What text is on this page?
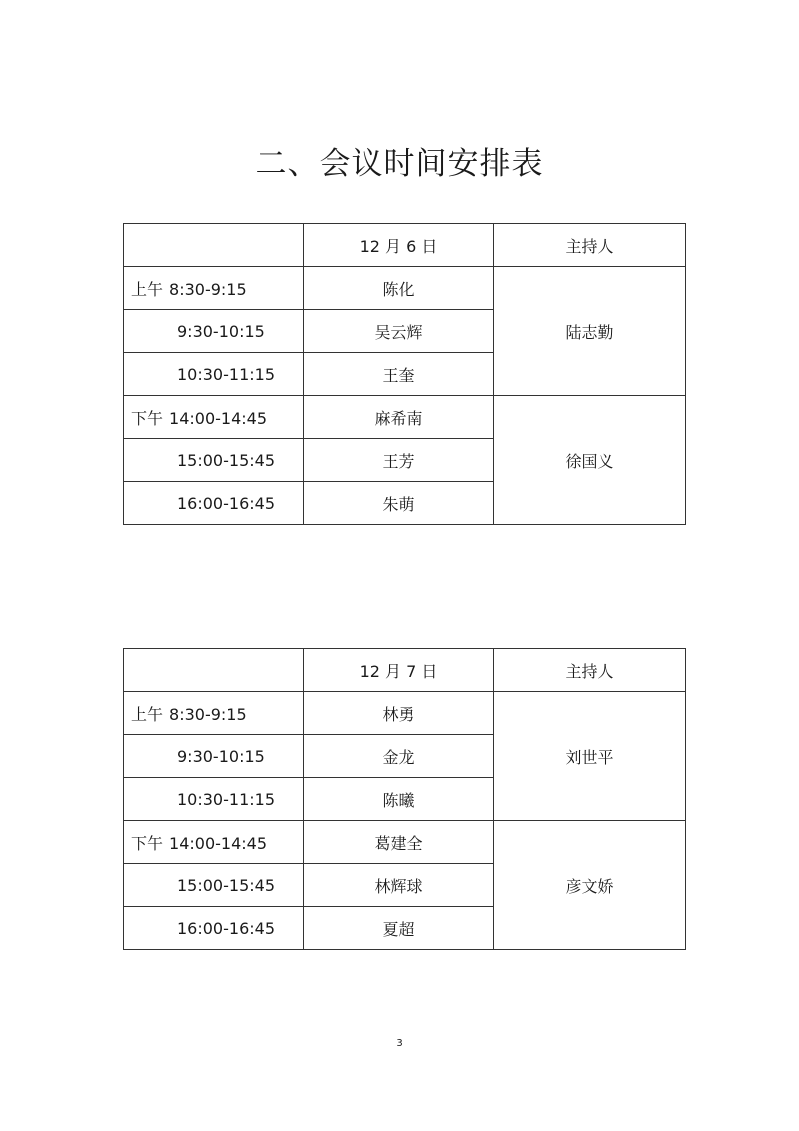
二、会议时间安排表
	12 月 6 日	主持人
上午 8:30-9:15	陈化	陆志勤
9:30-10:15	吴云辉	
10:30-11:15	王奎	
下午 14:00-14:45	麻希南	徐国义
15:00-15:45	王芳	
16:00-16:45	朱萌	
	12 月 7 日	主持人
上午 8:30-9:15	林勇	刘世平
9:30-10:15	金龙	
10:30-11:15	陈曦	
下午 14:00-14:45	葛建全	彦文娇
15:00-15:45	林辉球	
16:00-16:45	夏超	
3
